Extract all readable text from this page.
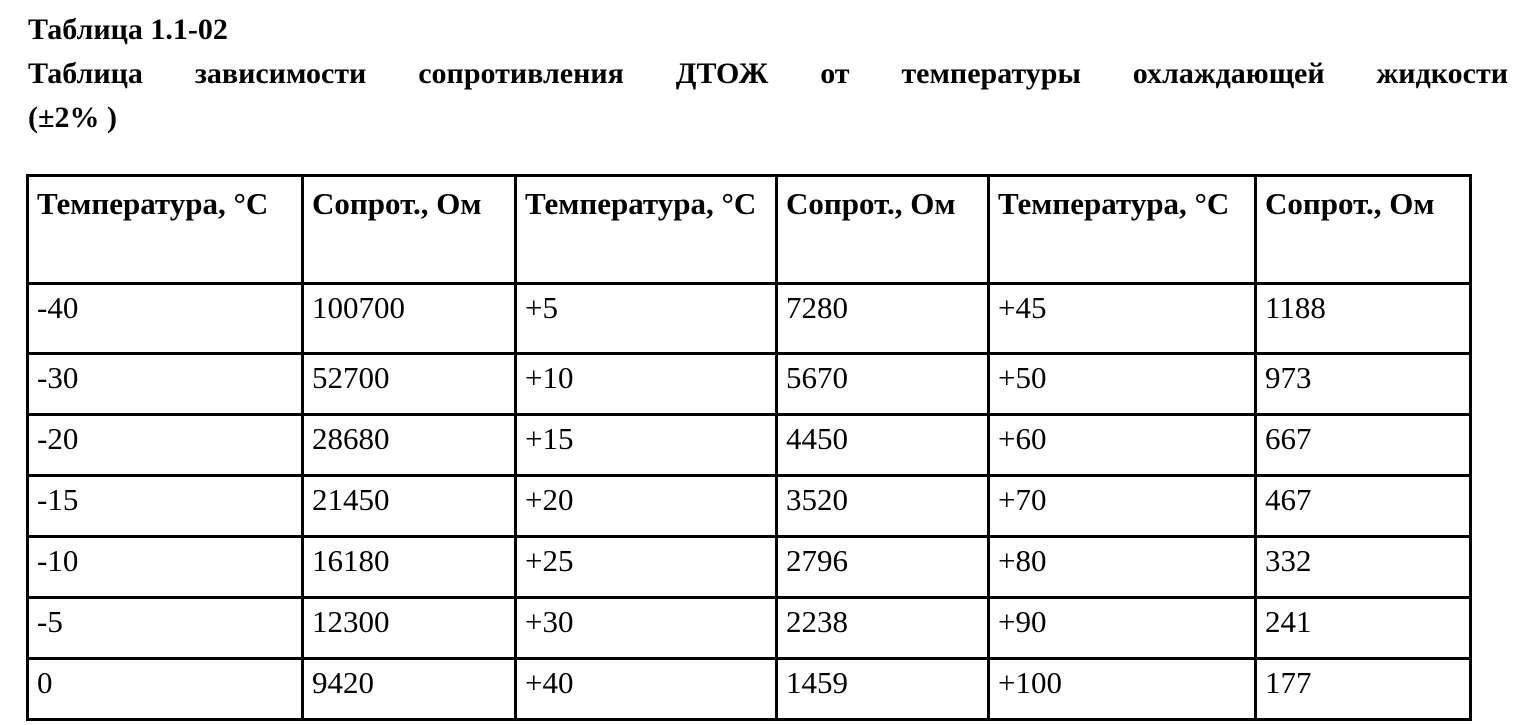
Таблица 1.1-02
Таблица зависимости сопротивления ДТОЖ от температуры охлаждающей жидкости
(±2% )
Температура, °C	Сопрот., Ом	Температура, °C	Сопрот., Ом	Температура, °C	Сопрот., Ом
-40	100700	+5	7280	+45	1188
-30	52700	+10	5670	+50	973
-20	28680	+15	4450	+60	667
-15	21450	+20	3520	+70	467
-10	16180	+25	2796	+80	332
-5	12300	+30	2238	+90	241
0	9420	+40	1459	+100	177
